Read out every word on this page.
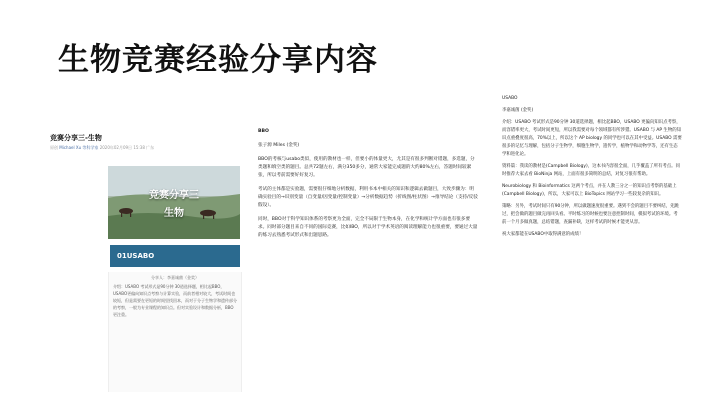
生物竞赛经验分享内容
竞赛分享三-生物
原创 Michael Xu 等科学家 2020年02月09日 15:38 广东
竞赛分享三
生物
01USABO
分享人：李嘉诚菌（金奖）
介绍：USABO 考试形式是90分钟 30道选择题，相比起BBO，USABO更偏向知识点考察与计算实验，而前者相对较大，考试时间也较短，但是需要在更短的时间里找回本，而对于分子生物学和遗传部分的考察，一般为专业课程的知识点。但对实验设计和数据分析，BBO更注重。

BBO

张子源 Miles (金奖)

BBO的考核与usabo类似，使用的教材也一样，但要小的体量更大，尤其是有很多判断对错题，多选题，分类题和填空类的题目。总共72题左右，满分350多分，通常大家能完成题的大约80%左右，答题时间较紧张，所以考前需要好好复习。

考试的主体都是实验题，需要很仔细地分析数据，利用书本中相关的知识和逻辑去做题目，大致步骤为：明确实验目的→识别变量（自变量/因变量/控制变量）→分析数据趋势（折线图/柱状图）→推导结论（支持/反驳假设）。

同时，BBO对于科学知识体系的考察更为全面，完全不局限于生物本身，在化学和统计学方面也有很多要求。同时部分题目来自不同的国际竞赛，比如IBO，所以对于学术英语的阅读理解能力也很重要，要通过大量的练习去熟悉考试形式和出题思路。

USABO

李嘉诚菌 (金奖)

介绍：USABO 考试形式是90分钟 30道选择题，相比起BBO，USABO 更偏向知识点考察，而容错率更大，考试时间更短，所以我需要对每个领域都有所涉猎。USABO 与 AP 生物的知识点重叠度很高，70%以上，所以这个 AP biology 的同学也可以在其中受益。USABO 需要很多的记忆与理解，包括分子生物学，细胞生物学，遗传学，植物学和动物学等，还有生态学和进化论。

资料篇：我读的教材是(Campbell Biology)，这本书内容很全面，几乎覆盖了所有考点。同时推荐大家去看 BioNinja 网站，上面有很多简明的总结，对复习很有帮助。

Neurobiology 和 Bioinformatics 这两个考点，并在人教三分之一的知识点考察的基础上(Campbell Biology)，所以，大家可以上 BioTopics 网站学习一些较复杂的知识。

策略：另外，考试时间只有90分钟，所以做题速度很重要。遇到不会的题目不要纠结，先跳过，把会做的题目做完再回头看。平时练习的时候也要注意控制时间，模拟考试的环境。考前一个月多做真题，总结错题，查漏补缺，这样考试的时候才能更从容。

祝大家都能在USABO中取得满意的成绩！
